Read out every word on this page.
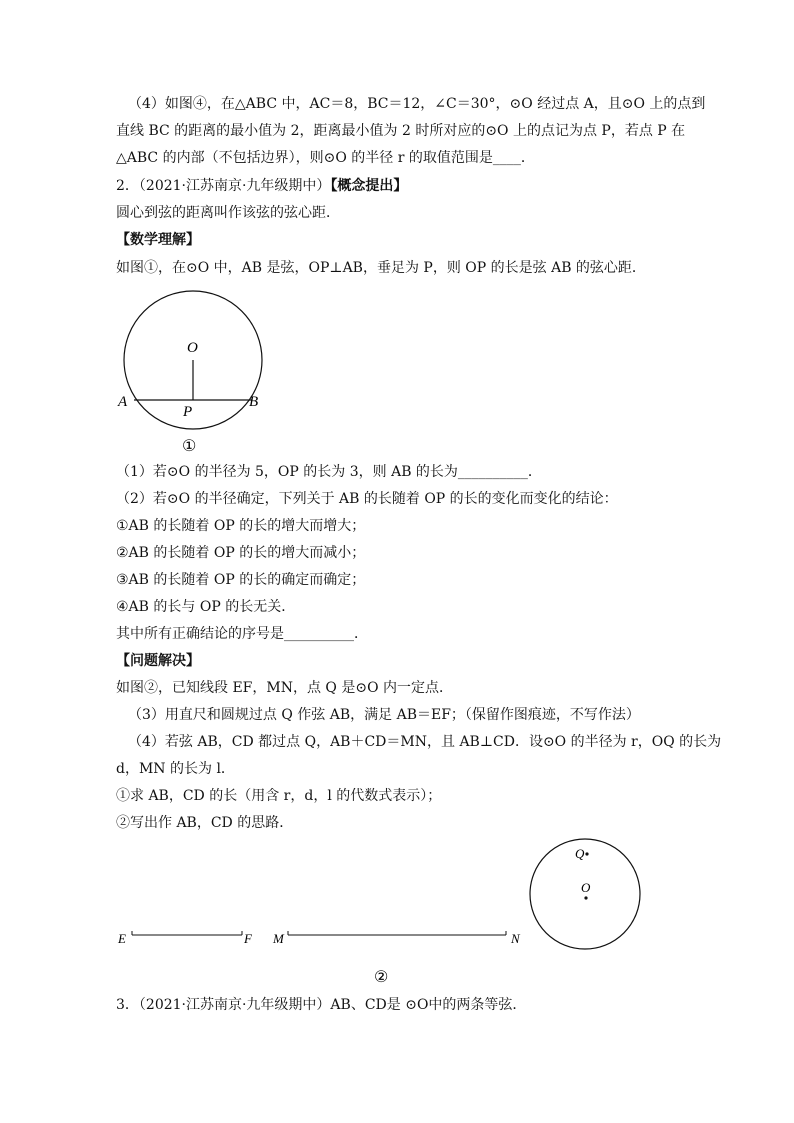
（4）如图④，在△ABC 中，AC＝8，BC＝12，∠C＝30°，⊙O 经过点 A，且⊙O 上的点到
直线 BC 的距离的最小值为 2，距离最小值为 2 时所对应的⊙O 上的点记为点 P，若点 P 在
△ABC 的内部（不包括边界），则⊙O 的半径 r 的取值范围是____．
2．（2021·江苏南京·九年级期中）【概念提出】
圆心到弦的距离叫作该弦的弦心距．
【数学理解】
如图①，在⊙O 中，AB 是弦，OP⊥AB，垂足为 P，则 OP 的长是弦 AB 的弦心距．
O
A	B
P
①
（1）若⊙O 的半径为 5，OP 的长为 3，则 AB 的长为__________．
（2）若⊙O 的半径确定，下列关于 AB 的长随着 OP 的长的变化而变化的结论：
①AB 的长随着 OP 的长的增大而增大；
②AB 的长随着 OP 的长的增大而减小；
③AB 的长随着 OP 的长的确定而确定；
④AB 的长与 OP 的长无关．
其中所有正确结论的序号是__________．
【问题解决】
如图②，已知线段 EF，MN，点 Q 是⊙O 内一定点．
（3）用直尺和圆规过点 Q 作弦 AB，满足 AB＝EF；（保留作图痕迹，不写作法）
（4）若弦 AB，CD 都过点 Q，AB＋CD＝MN，且 AB⊥CD．设⊙O 的半径为 r，OQ 的长为
d，MN 的长为 l．
①求 AB，CD 的长（用含 r，d，l 的代数式表示）；
②写出作 AB，CD 的思路．
E	F M	N
Q
O
②
3．（2021·江苏南京·九年级期中）AB、CD是 ⊙O中的两条等弦．
